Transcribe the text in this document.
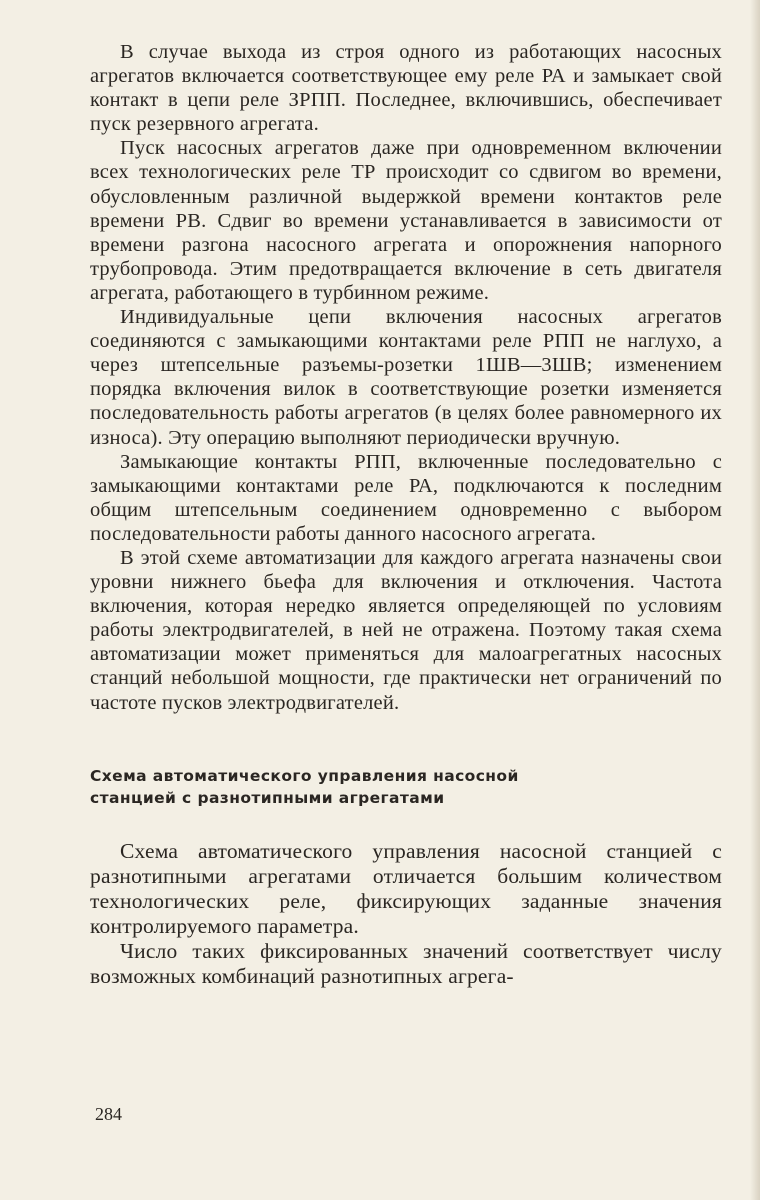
В случае выхода из строя одного из работающих насосных агрегатов включается соответствующее ему реле РА и замыкает свой контакт в цепи реле ЗРПП. Последнее, включившись, обеспечивает пуск резервного агрегата.

Пуск насосных агрегатов даже при одновременном включении всех технологических реле ТР происходит со сдвигом во времени, обусловленным различной выдержкой времени контактов реле времени РВ. Сдвиг во времени устанавливается в зависимости от времени разгона насосного агрегата и опорожнения напорного трубопровода. Этим предотвращается включение в сеть двигателя агрегата, работающего в турбинном режиме.

Индивидуальные цепи включения насосных агрегатов соединяются с замыкающими контактами реле РПП не наглухо, а через штепсельные разъемы-розетки 1ШВ—3ШВ; изменением порядка включения вилок в соответствующие розетки изменяется последовательность работы агрегатов (в целях более равномерного их износа). Эту операцию выполняют периодически вручную.

Замыкающие контакты РПП, включенные последовательно с замыкающими контактами реле РА, подключаются к последним общим штепсельным соединением одновременно с выбором последовательности работы данного насосного агрегата.

В этой схеме автоматизации для каждого агрегата назначены свои уровни нижнего бьефа для включения и отключения. Частота включения, которая нередко является определяющей по условиям работы электродвигателей, в ней не отражена. Поэтому такая схема автоматизации может применяться для малоагрегатных насосных станций небольшой мощности, где практически нет ограничений по частоте пусков электродвигателей.

Схема автоматического управления насосной станцией с разнотипными агрегатами

Схема автоматического управления насосной станцией с разнотипными агрегатами отличается большим количеством технологических реле, фиксирующих заданные значения контролируемого параметра.

Число таких фиксированных значений соответствует числу возможных комбинаций разнотипных агрега-

284
